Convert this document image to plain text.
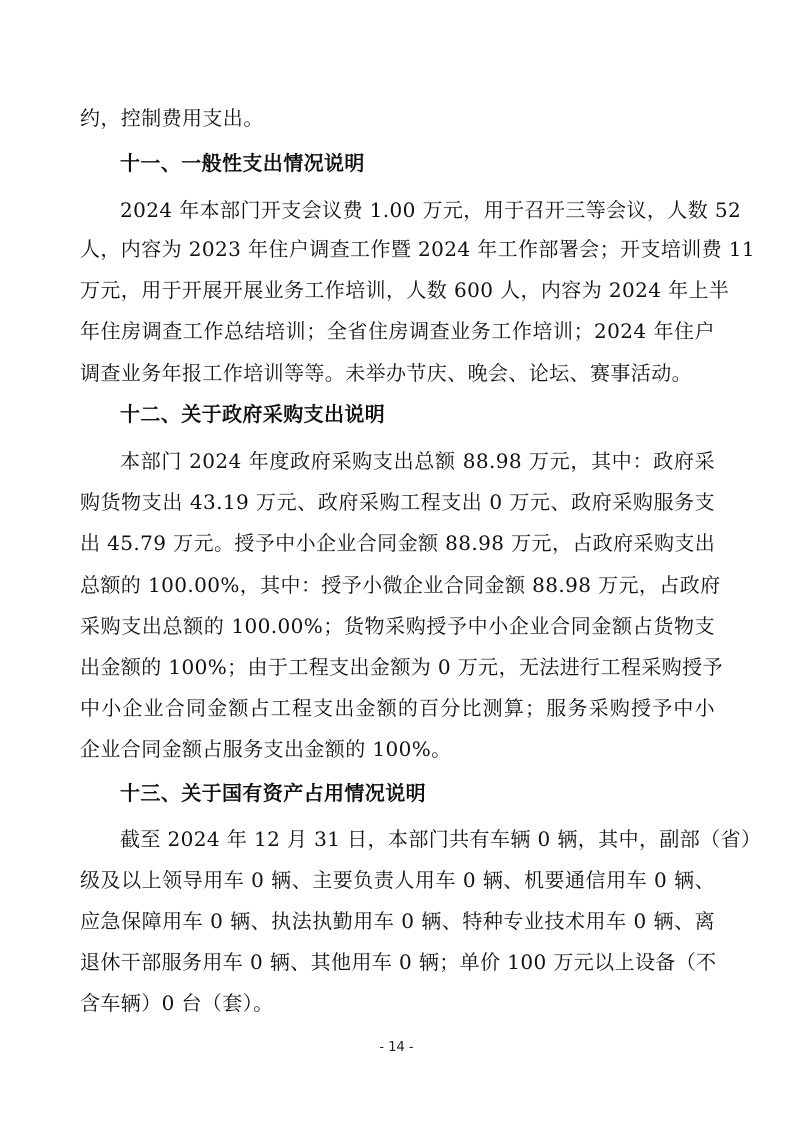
约，控制费用支出。
十一、一般性支出情况说明
2024 年本部门开支会议费 1.00 万元，用于召开三等会议，人数 52
人，内容为 2023 年住户调查工作暨 2024 年工作部署会；开支培训费 11
万元，用于开展开展业务工作培训，人数 600 人，内容为 2024 年上半
年住房调查工作总结培训；全省住房调查业务工作培训；2024 年住户
调查业务年报工作培训等等。未举办节庆、晚会、论坛、赛事活动。
十二、关于政府采购支出说明
本部门 2024 年度政府采购支出总额 88.98 万元，其中：政府采
购货物支出 43.19 万元、政府采购工程支出 0 万元、政府采购服务支
出 45.79 万元。授予中小企业合同金额 88.98 万元，占政府采购支出
总额的 100.00%，其中：授予小微企业合同金额 88.98 万元，占政府
采购支出总额的 100.00%；货物采购授予中小企业合同金额占货物支
出金额的 100%；由于工程支出金额为 0 万元，无法进行工程采购授予
中小企业合同金额占工程支出金额的百分比测算；服务采购授予中小
企业合同金额占服务支出金额的 100%。
十三、关于国有资产占用情况说明
截至 2024 年 12 月 31 日，本部门共有车辆 0 辆，其中，副部（省）
级及以上领导用车 0 辆、主要负责人用车 0 辆、机要通信用车 0 辆、
应急保障用车 0 辆、执法执勤用车 0 辆、特种专业技术用车 0 辆、离
退休干部服务用车 0 辆、其他用车 0 辆；单价 100 万元以上设备（不
含车辆）0 台（套）。
- 14 -
